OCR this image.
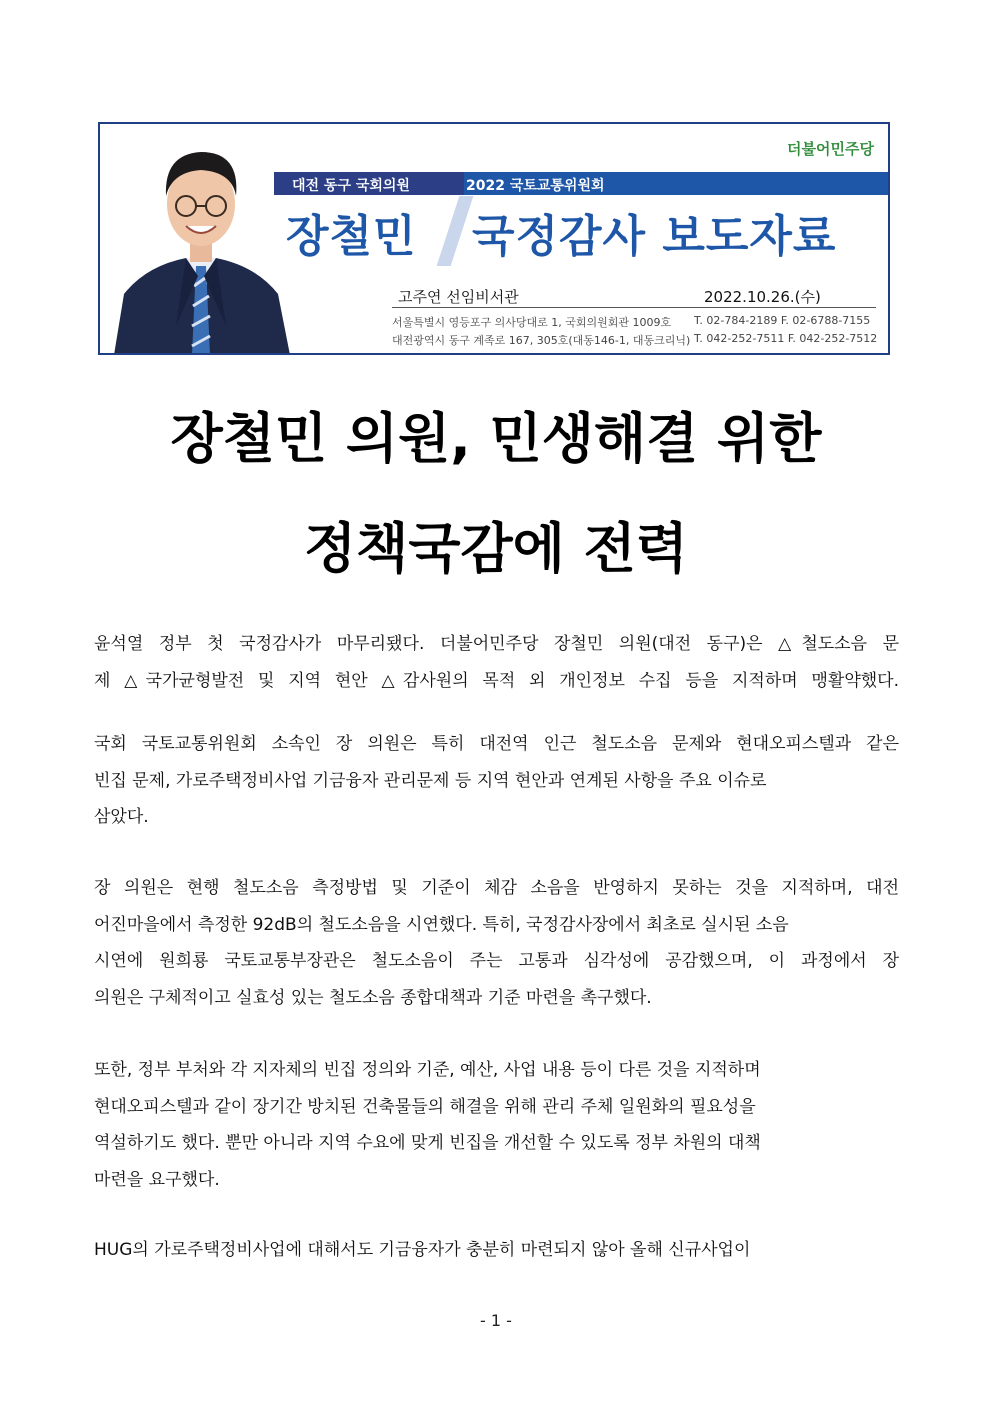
더불어민주당
대전 동구 국회의원	2022 국토교통위원회
장철민 국정감사 보도자료
고주연 선임비서관	2022.10.26.(수)
서울특별시 영등포구 의사당대로 1, 국회의원회관 1009호
대전광역시 동구 계족로 167, 305호(대동146-1, 대동크리닉)
T. 02-784-2189 F. 02-6788-7155
T. 042-252-7511 F. 042-252-7512
장철민 의원, 민생해결 위한
정책국감에 전력
윤석열 정부 첫 국정감사가 마무리됐다. 더불어민주당 장철민 의원(대전 동구)은 △철도소음 문
제 △국가균형발전 및 지역 현안 △감사원의 목적 외 개인정보 수집 등을 지적하며 맹활약했다.
국회 국토교통위원회 소속인 장 의원은 특히 대전역 인근 철도소음 문제와 현대오피스텔과 같은
빈집 문제, 가로주택정비사업 기금융자 관리문제 등 지역 현안과 연계된 사항을 주요 이슈로
삼았다.
장 의원은 현행 철도소음 측정방법 및 기준이 체감 소음을 반영하지 못하는 것을 지적하며, 대전
어진마을에서 측정한 92dB의 철도소음을 시연했다. 특히, 국정감사장에서 최초로 실시된 소음
시연에 원희룡 국토교통부장관은 철도소음이 주는 고통과 심각성에 공감했으며, 이 과정에서 장
의원은 구체적이고 실효성 있는 철도소음 종합대책과 기준 마련을 촉구했다.
또한, 정부 부처와 각 지자체의 빈집 정의와 기준, 예산, 사업 내용 등이 다른 것을 지적하며
현대오피스텔과 같이 장기간 방치된 건축물들의 해결을 위해 관리 주체 일원화의 필요성을
역설하기도 했다. 뿐만 아니라 지역 수요에 맞게 빈집을 개선할 수 있도록 정부 차원의 대책
마련을 요구했다.
HUG의 가로주택정비사업에 대해서도 기금융자가 충분히 마련되지 않아 올해 신규사업이
- 1 -
